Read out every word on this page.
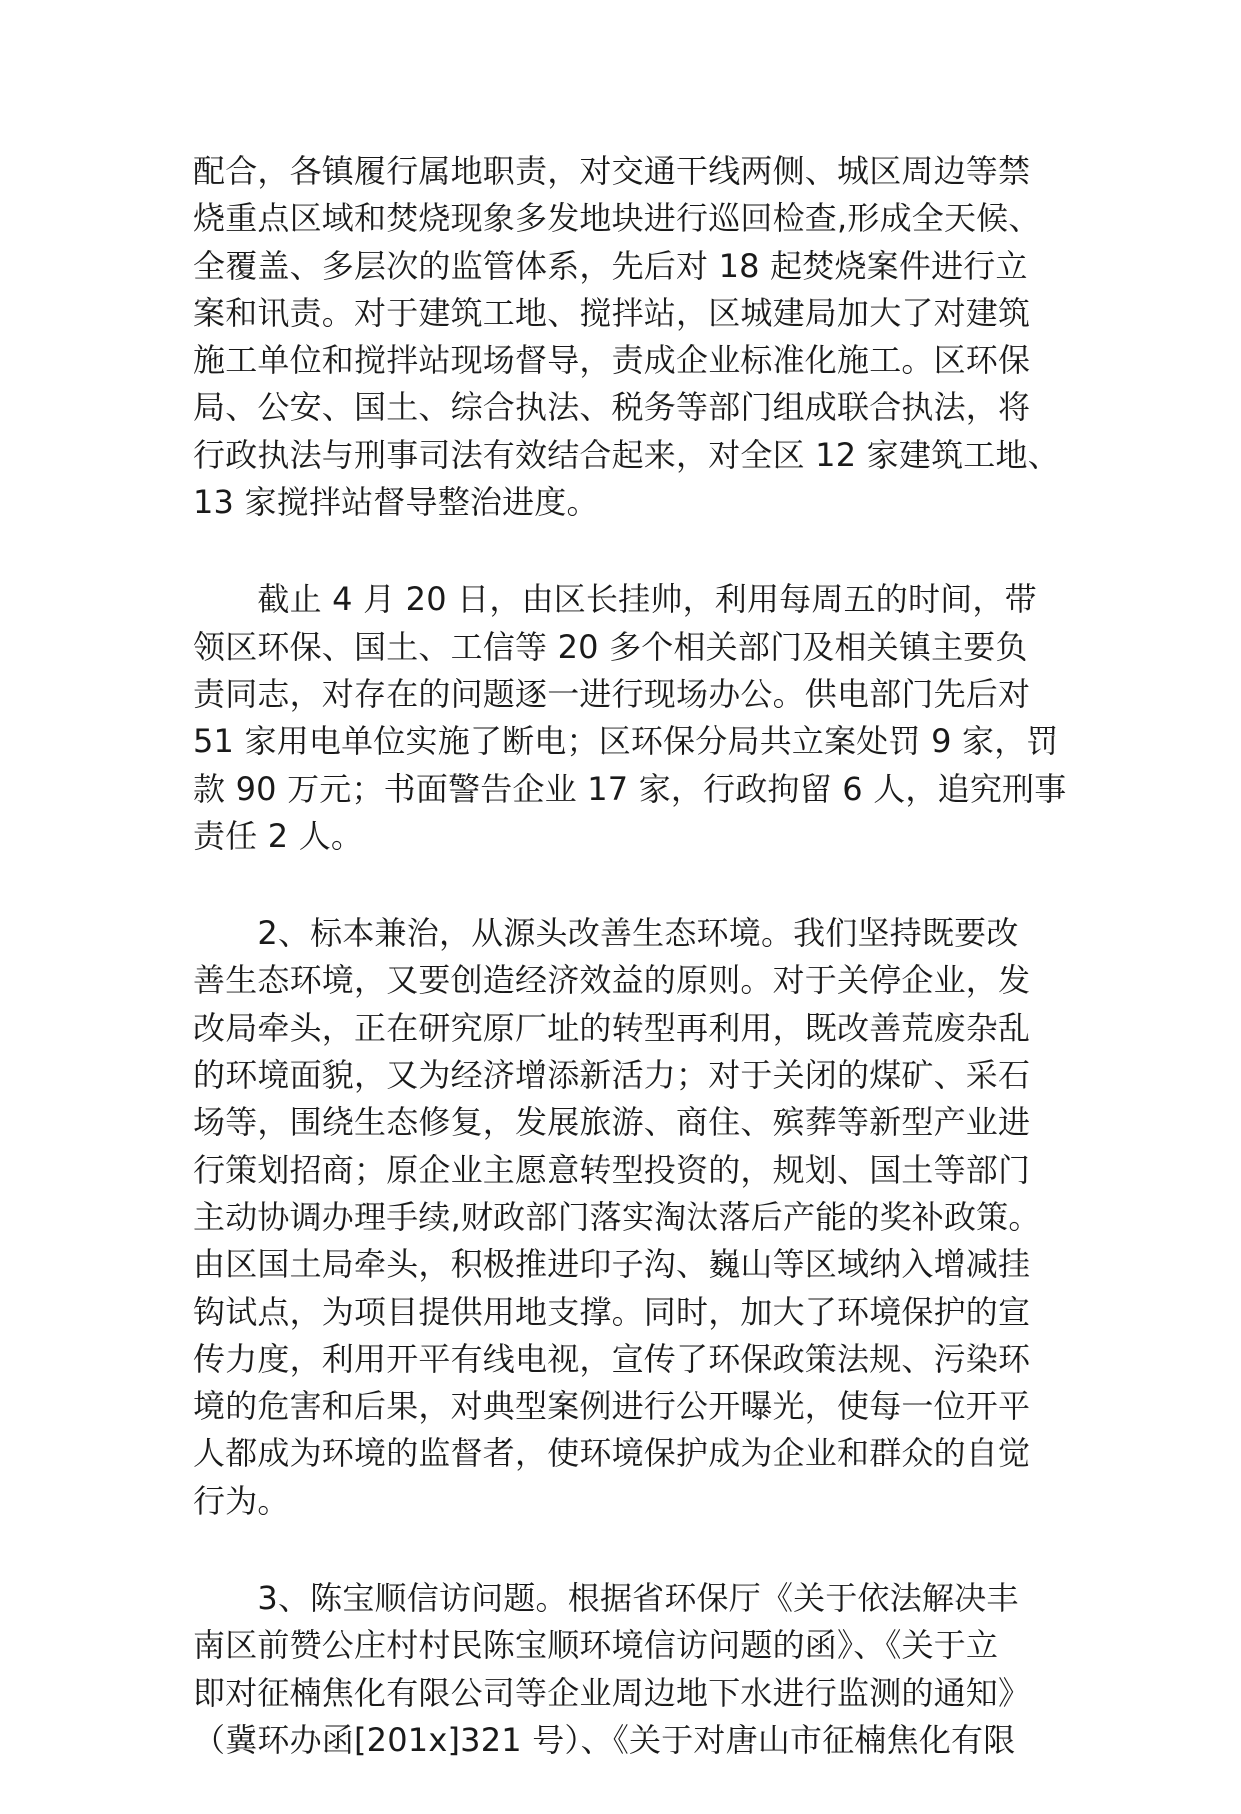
配合，各镇履行属地职责，对交通干线两侧、城区周边等禁
烧重点区域和焚烧现象多发地块进行巡回检查,形成全天候、
全覆盖、多层次的监管体系，先后对 18 起焚烧案件进行立
案和讯责。对于建筑工地、搅拌站，区城建局加大了对建筑
施工单位和搅拌站现场督导，责成企业标准化施工。区环保
局、公安、国土、综合执法、税务等部门组成联合执法，将
行政执法与刑事司法有效结合起来，对全区 12 家建筑工地、
13 家搅拌站督导整治进度。

　　截止 4 月 20 日，由区长挂帅，利用每周五的时间，带
领区环保、国土、工信等 20 多个相关部门及相关镇主要负
责同志，对存在的问题逐一进行现场办公。供电部门先后对
51 家用电单位实施了断电；区环保分局共立案处罚 9 家，罚
款 90 万元；书面警告企业 17 家，行政拘留 6 人，追究刑事
责任 2 人。

　　2、标本兼治，从源头改善生态环境。我们坚持既要改
善生态环境，又要创造经济效益的原则。对于关停企业，发
改局牵头，正在研究原厂址的转型再利用，既改善荒废杂乱
的环境面貌，又为经济增添新活力；对于关闭的煤矿、采石
场等，围绕生态修复，发展旅游、商住、殡葬等新型产业进
行策划招商；原企业主愿意转型投资的，规划、国土等部门
主动协调办理手续,财政部门落实淘汰落后产能的奖补政策。
由区国土局牵头，积极推进印子沟、巍山等区域纳入增减挂
钩试点，为项目提供用地支撑。同时，加大了环境保护的宣
传力度，利用开平有线电视，宣传了环保政策法规、污染环
境的危害和后果，对典型案例进行公开曝光，使每一位开平
人都成为环境的监督者，使环境保护成为企业和群众的自觉
行为。

　　3、陈宝顺信访问题。根据省环保厅《关于依法解决丰
南区前赞公庄村村民陈宝顺环境信访问题的函》、《关于立
即对征楠焦化有限公司等企业周边地下水进行监测的通知》
（冀环办函[201x]321 号）、《关于对唐山市征楠焦化有限
